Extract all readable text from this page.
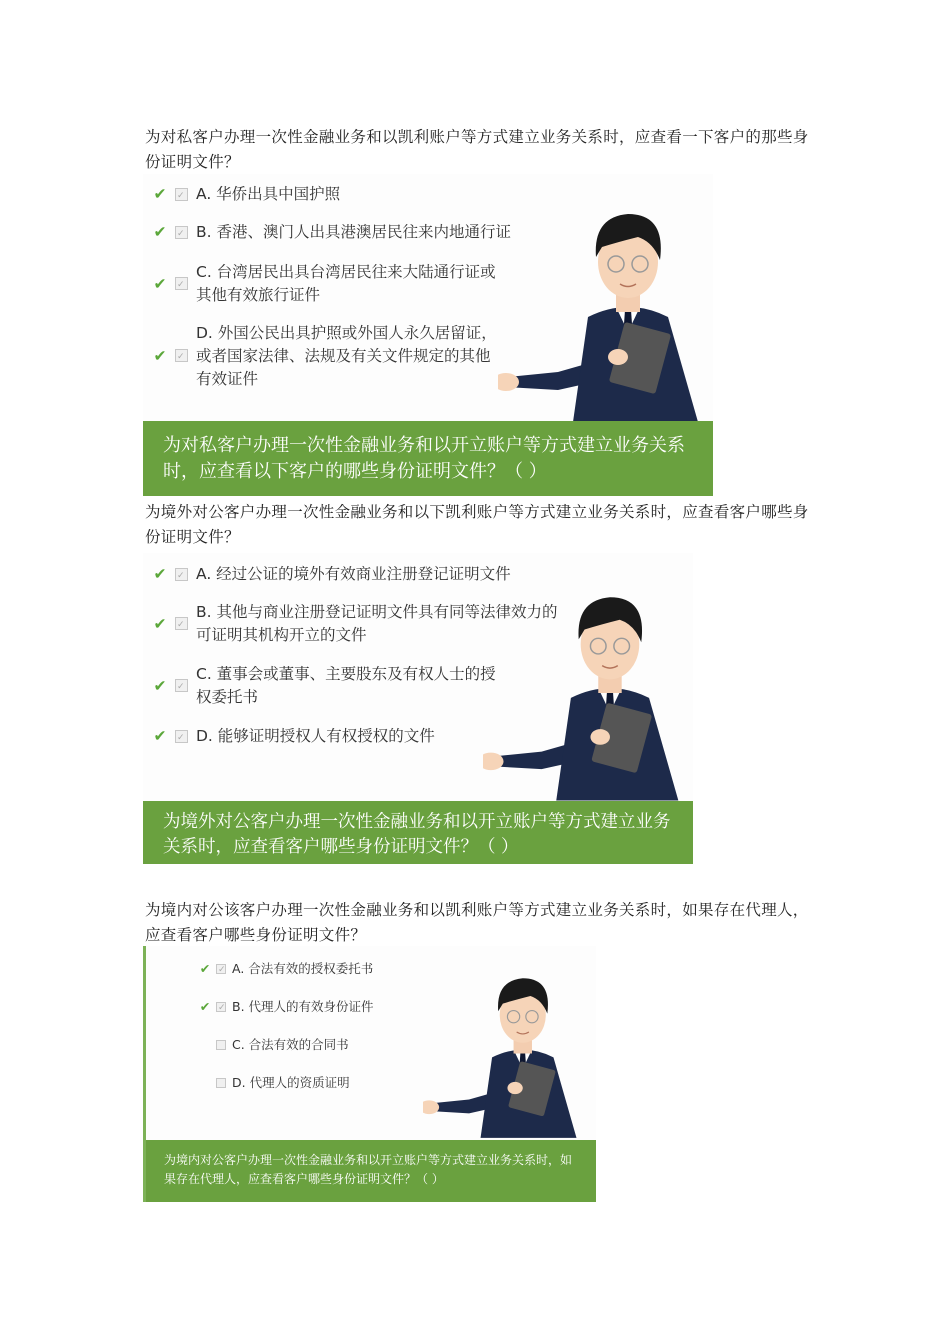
为对私客户办理一次性金融业务和以凯利账户等方式建立业务关系时，应查看一下客户的那些身份证明文件？
✔ ✓ A. 华侨出具中国护照
✔ ✓ B. 香港、澳门人出具港澳居民往来内地通行证
✔
✓
C. 台湾居民出具台湾居民往来大陆通行证或其他有效旅行证件
✔
✓
D. 外国公民出具护照或外国人永久居留证，或者国家法律、法规及有关文件规定的其他有效证件
为对私客户办理一次性金融业务和以开立账户等方式建立业务关系时，应查看以下客户的哪些身份证明文件？（ ）
为境外对公客户办理一次性金融业务和以下凯利账户等方式建立业务关系时，应查看客户哪些身份证明文件？
✔ ✓ A. 经过公证的境外有效商业注册登记证明文件
✔
✓
B. 其他与商业注册登记证明文件具有同等法律效力的可证明其机构开立的文件
✔
✓
C. 董事会或董事、主要股东及有权人士的授权委托书
✔ ✓ D. 能够证明授权人有权授权的文件
为境外对公客户办理一次性金融业务和以开立账户等方式建立业务关系时，应查看客户哪些身份证明文件？（ ）
为境内对公该客户办理一次性金融业务和以凯利账户等方式建立业务关系时，如果存在代理人，应查看客户哪些身份证明文件？
✔ ✓ A. 合法有效的授权委托书
✔ ✓ B. 代理人的有效身份证件
C. 合法有效的合同书
D. 代理人的资质证明
为境内对公客户办理一次性金融业务和以开立账户等方式建立业务关系时，如果存在代理人，应查看客户哪些身份证明文件？（ ）
